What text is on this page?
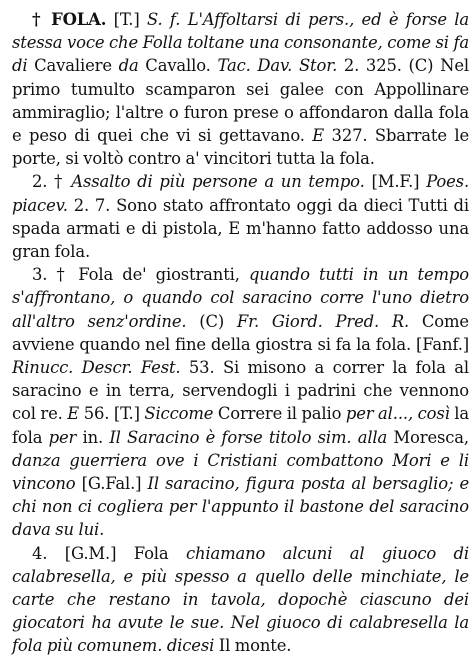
† FOLA. [T.] S. f. L'Affoltarsi di pers., ed è forse la stessa voce che Folla toltane una consonante, come si fa di Cavaliere da Cavallo. Tac. Dav. Stor. 2. 325. (C) Nel primo tumulto scamparon sei galee con Appollinare ammiraglio; l'altre o furon prese o affondaron dalla fola e peso di quei che vi si gettavano. E 327. Sbarrate le porte, si voltò contro a' vincitori tutta la fola.

2. † Assalto di più persone a un tempo. [M.F.] Poes. piacev. 2. 7. Sono stato affrontato oggi da dieci Tutti di spada armati e di pistola, E m'hanno fatto addosso una gran fola.

3. † Fola de' giostranti, quando tutti in un tempo s'affrontano, o quando col saracino corre l'uno dietro all'altro senz'ordine. (C) Fr. Giord. Pred. R. Come avviene quando nel fine della giostra si fa la fola. [Fanf.] Rinucc. Descr. Fest. 53. Si misono a correr la fola al saracino e in terra, servendogli i padrini che vennono col re. E 56. [T.] Siccome Correre il palio per al..., così la fola per in. Il Saracino è forse titolo sim. alla Moresca, danza guerriera ove i Cristiani combattono Mori e li vincono [G.Fal.] Il saracino, figura posta al bersaglio; e chi non ci cogliera per l'appunto il bastone del saracino dava su lui.

4. [G.M.] Fola chiamano alcuni al giuoco di calabresella, e più spesso a quello delle minchiate, le carte che restano in tavola, dopochè ciascuno dei giocatori ha avute le sue. Nel giuoco di calabresella la fola più comunem. dicesi Il monte.
